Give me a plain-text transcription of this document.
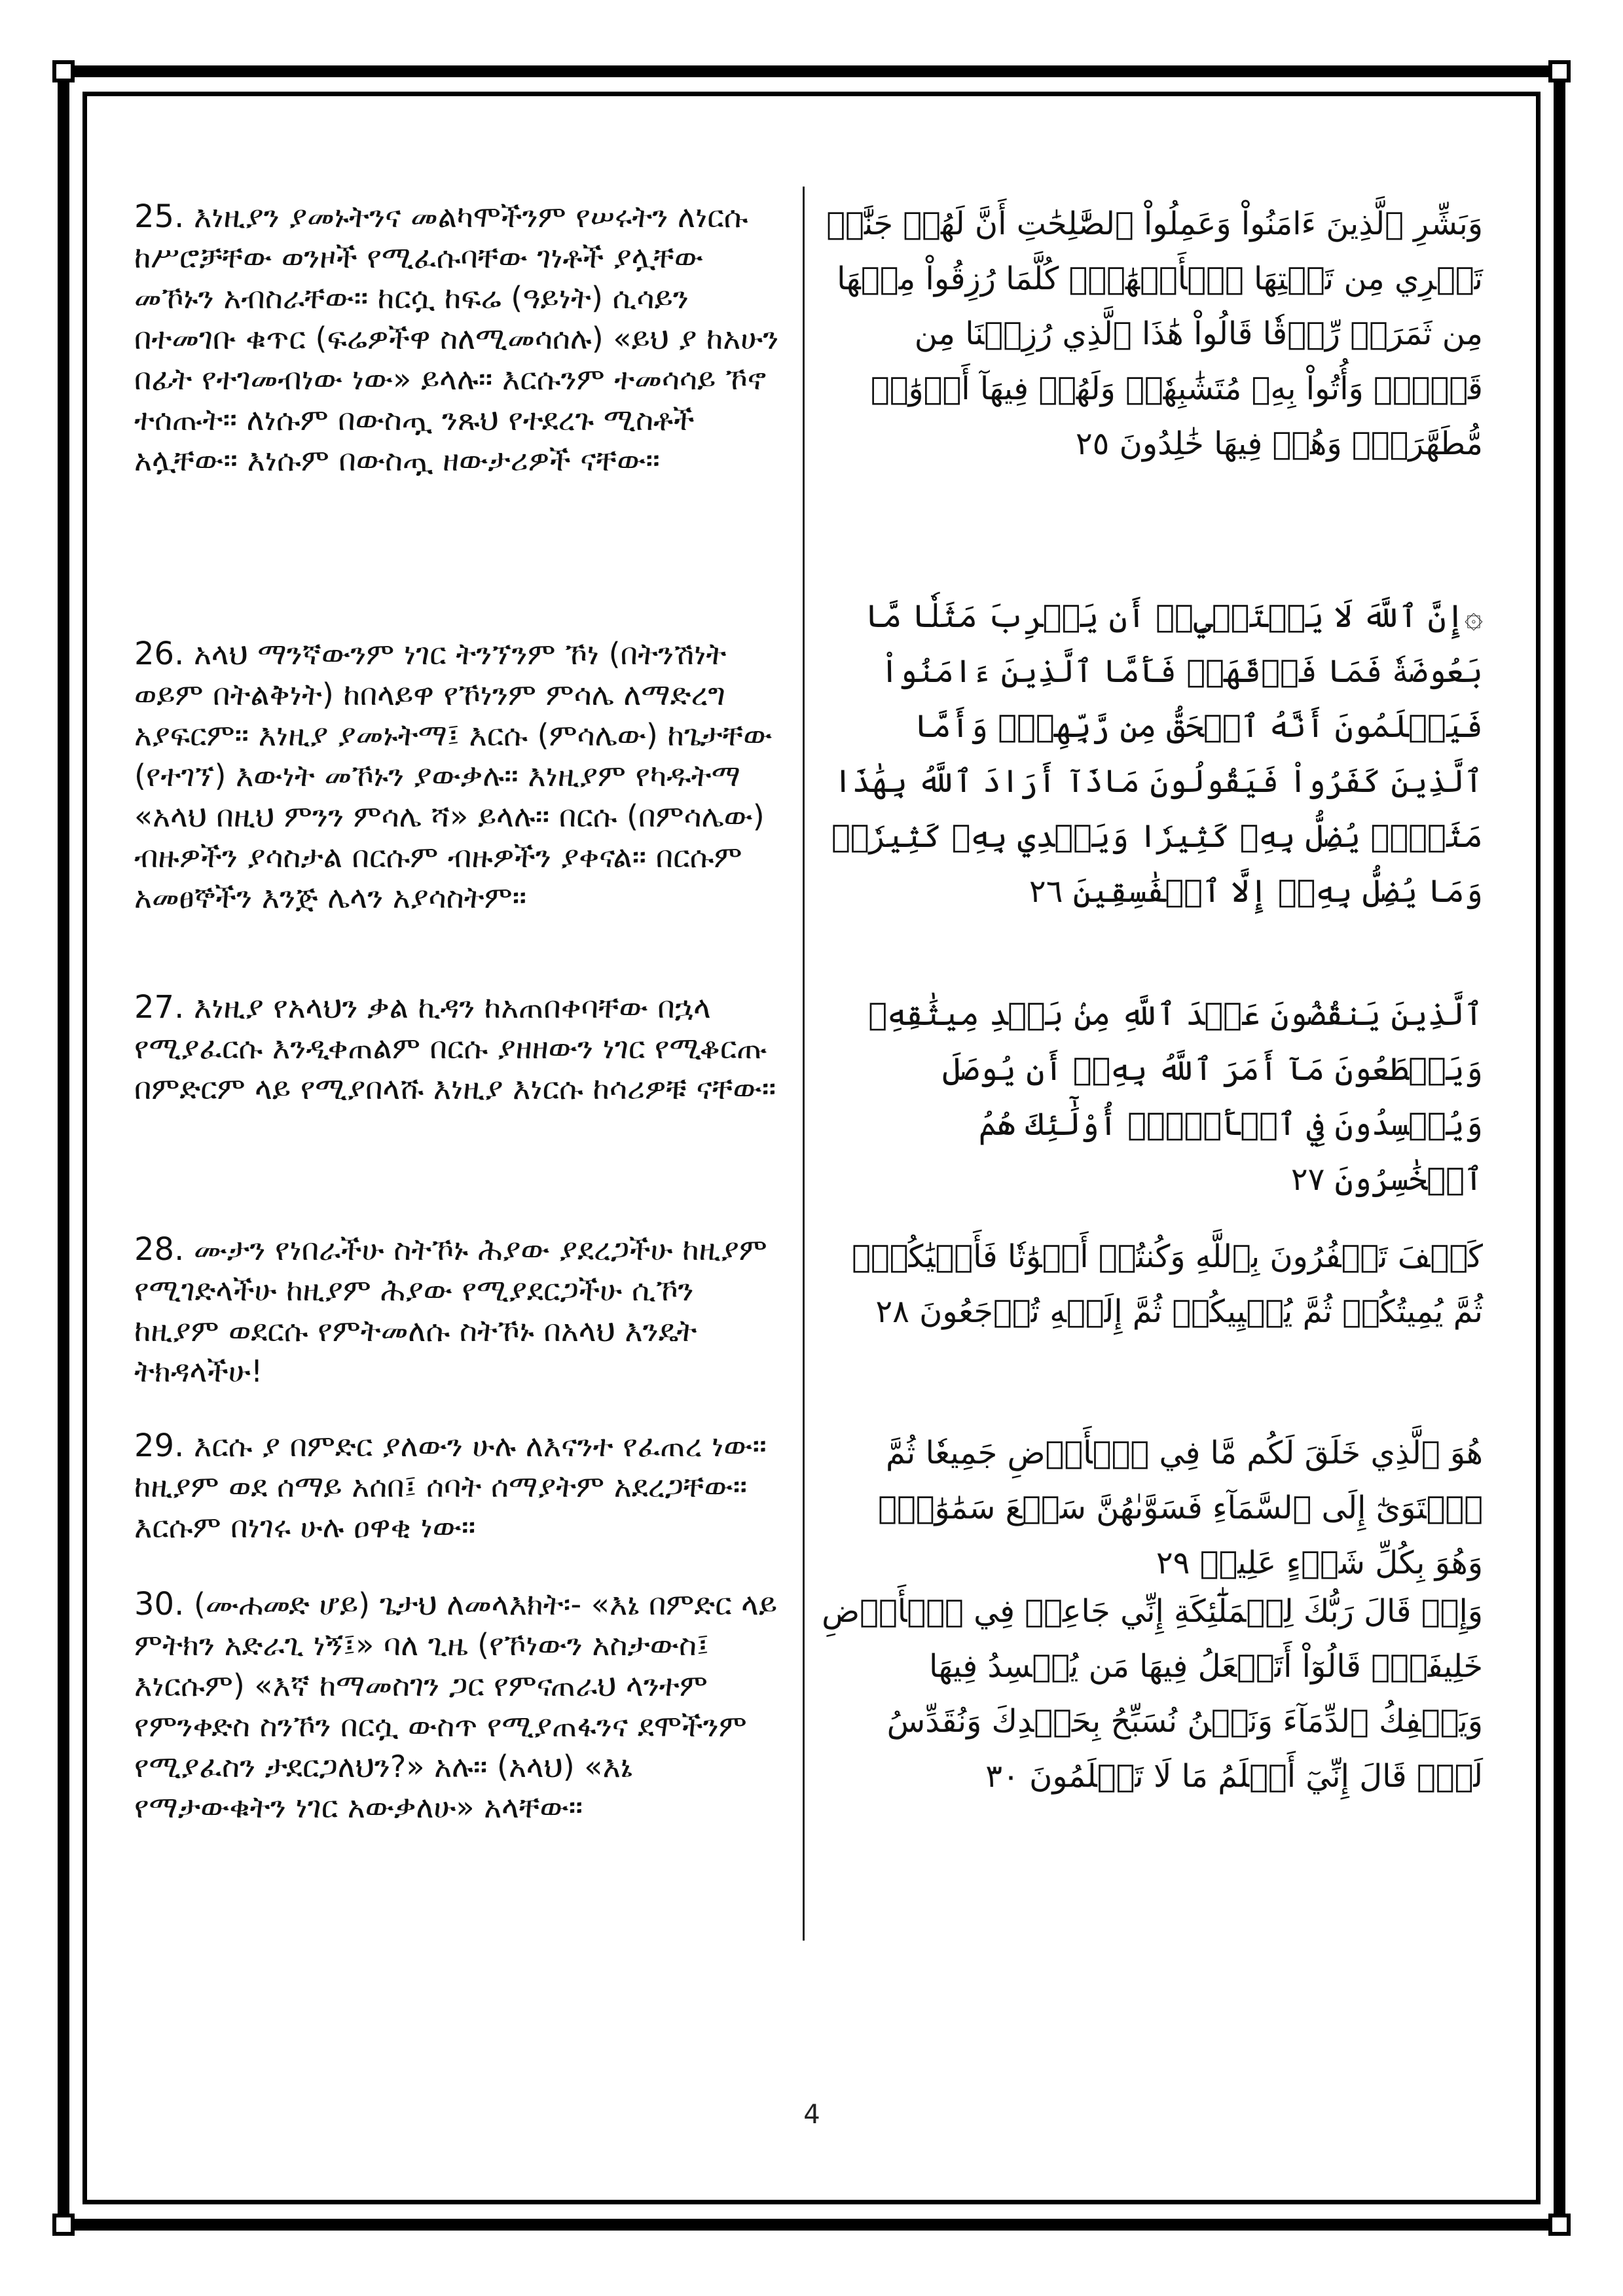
25. እነዚያን ያመኑትንና መልካሞችንም የሠሩትን ለነርሱ ከሥሮቻቸው ወንዞች የሚፈሱባቸው ገነቶች ያሏቸው መኾኑን አብስራቸው። ከርሷ ከፍሬ (ዓይነት) ሲሳይን በተመገቡ ቁጥር (ፍሬዎችዋ ስለሚመሳሰሉ) «ይህ ያ ከአሁን በፊት የተገመብነው ነው» ይላሉ። እርሱንም ተመሳሳይ ኾኖ ተሰጡት። ለነሱም በውስጧ ንጹህ የተደረጉ ሚስቶች አሏቸው። እነሱም በውስጧ ዘውታሪዎች ናቸው።

وَبَشِّرِ ٱلَّذِينَ ءَامَنُواْ وَعَمِلُواْ ٱلصَّٰلِحَٰتِ أَنَّ لَهُمۡ جَنَّٰتٖ تَجۡرِي مِن تَحۡتِهَا ٱلۡأَنۡهَٰرُۖ كُلَّمَا رُزِقُواْ مِنۡهَا مِن ثَمَرَةٖ رِّزۡقٗا قَالُواْ هَٰذَا ٱلَّذِي رُزِقۡنَا مِن قَبۡلُۖ وَأُتُواْ بِهِۦ مُتَشَٰبِهٗاۖ وَلَهُمۡ فِيهَآ أَزۡوَٰجٞ مُّطَهَّرَةٞۖ وَهُمۡ فِيهَا خَٰلِدُونَ ٢٥

26. አላህ ማንኛውንም ነገር ትንኘንም ኾነ (በትንሽነት ወይም በትልቅነት) ከበላይዋ የኾነንም ምሳሌ ለማድረግ አያፍርም። እነዚያ ያመኑትማ፤ እርሱ (ምሳሌው) ከጌታቸው (የተገኘ) እውነት መኾኑን ያውቃሉ። እነዚያም የካዱትማ «አላህ በዚህ ምንን ምሳሌ ሻ» ይላሉ። በርሱ (በምሳሌው) ብዙዎችን ያሳስታል በርሱም ብዙዎችን ያቀናል። በርሱም አመፀኞችን እንጅ ሌላን አያሳስትም።

۞إِنَّ ٱللَّهَ لَا يَسۡتَحۡيِۦٓ أَن يَضۡرِبَ مَثَلٗا مَّا بَعُوضَةٗ فَمَا فَوۡقَهَاۚ فَأَمَّا ٱلَّذِينَ ءَامَنُواْ فَيَعۡلَمُونَ أَنَّهُ ٱلۡحَقُّ مِن رَّبِّهِمۡۖ وَأَمَّا ٱلَّذِينَ كَفَرُواْ فَيَقُولُونَ مَاذَآ أَرَادَ ٱللَّهُ بِهَٰذَا مَثَلٗاۘ يُضِلُّ بِهِۦ كَثِيرٗا وَيَهۡدِي بِهِۦ كَثِيرٗاۚ وَمَا يُضِلُّ بِهِۦٓ إِلَّا ٱلۡفَٰسِقِينَ ٢٦

27. እነዚያ የአላህን ቃል ኪዳን ከአጠበቀባቸው በኋላ የሚያፈርሱ እንዲቀጠልም በርሱ ያዘዘውን ነገር የሚቆርጡ በምድርም ላይ የሚያበላሹ እነዚያ እነርሱ ከሳሪዎቹ ናቸው።

ٱلَّذِينَ يَنقُضُونَ عَهۡدَ ٱللَّهِ مِنۢ بَعۡدِ مِيثَٰقِهِۦ وَيَقۡطَعُونَ مَآ أَمَرَ ٱللَّهُ بِهِۦٓ أَن يُوصَلَ وَيُفۡسِدُونَ فِي ٱلۡأَرۡضِۚ أُوْلَٰٓئِكَ هُمُ ٱلۡخَٰسِرُونَ ٢٧

28. ሙታን የነበራችሁ ስትኾኑ ሕያው ያደረጋችሁ ከዚያም የሚገድላችሁ ከዚያም ሕያው የሚያደርጋችሁ ሲኾን ከዚያም ወደርሱ የምትመለሱ ስትኾኑ በአላህ እንዴት ትክዳላችሁ!

كَيۡفَ تَكۡفُرُونَ بِٱللَّهِ وَكُنتُمۡ أَمۡوَٰتٗا فَأَحۡيَٰكُمۡۖ ثُمَّ يُمِيتُكُمۡ ثُمَّ يُحۡيِيكُمۡ ثُمَّ إِلَيۡهِ تُرۡجَعُونَ ٢٨

29. እርሱ ያ በምድር ያለውን ሁሉ ለእናንተ የፈጠረ ነው። ከዚያም ወደ ሰማይ አሰበ፤ ሰባት ሰማያትም አደረጋቸው። እርሱም በነገሩ ሁሉ ዐዋቂ ነው።

هُوَ ٱلَّذِي خَلَقَ لَكُم مَّا فِي ٱلۡأَرۡضِ جَمِيعٗا ثُمَّ ٱسۡتَوَىٰٓ إِلَى ٱلسَّمَآءِ فَسَوَّىٰهُنَّ سَبۡعَ سَمَٰوَٰتٖۚ وَهُوَ بِكُلِّ شَيۡءٍ عَلِيمٞ ٢٩

30. (ሙሐመድ ሆይ) ጌታህ ለመላእክት፡- «እኔ በምድር ላይ ምትክን አድራጊ ነኝ፤» ባለ ጊዜ (የኾነውን አስታውስ፤ እነርሱም) «እኛ ከማመስገን ጋር የምናጠራህ ላንተም የምንቀድስ ስንኾን በርሷ ውስጥ የሚያጠፋንና ደሞችንም የሚያፈስን ታደርጋለህን?» አሉ። (አላህ) «እኔ የማታውቁትን ነገር አውቃለሁ» አላቸው።

وَإِذۡ قَالَ رَبُّكَ لِلۡمَلَٰٓئِكَةِ إِنِّي جَاعِلٞ فِي ٱلۡأَرۡضِ خَلِيفَةٗۖ قَالُوٓاْ أَتَجۡعَلُ فِيهَا مَن يُفۡسِدُ فِيهَا وَيَسۡفِكُ ٱلدِّمَآءَ وَنَحۡنُ نُسَبِّحُ بِحَمۡدِكَ وَنُقَدِّسُ لَكَۖ قَالَ إِنِّيٓ أَعۡلَمُ مَا لَا تَعۡلَمُونَ ٣٠

4
